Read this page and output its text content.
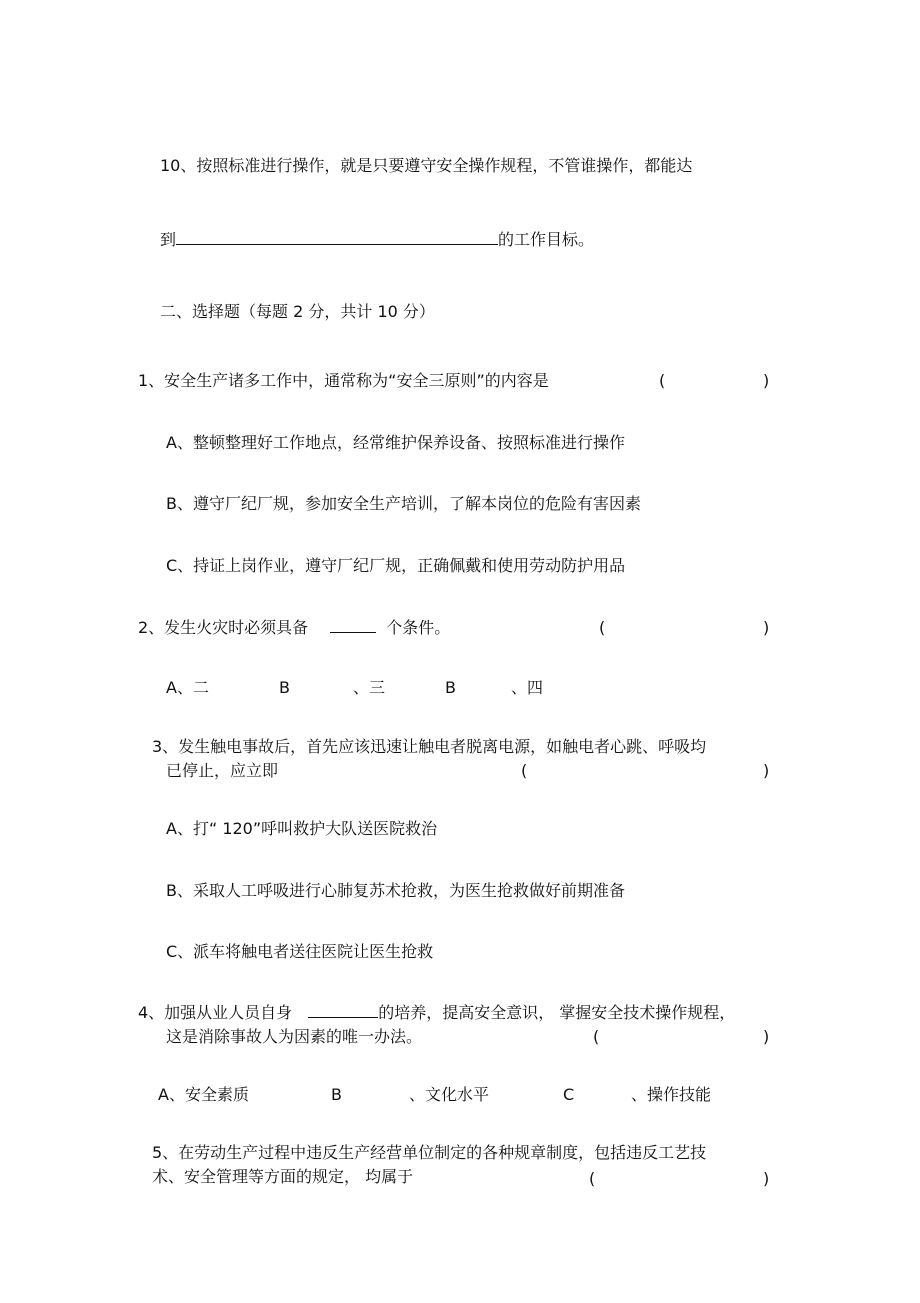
10、按照标准进行操作，就是只要遵守安全操作规程，不管谁操作，都能达
到	的工作目标。
二、选择题（每题 2 分，共计 10 分）
1、安全生产诸多工作中，通常称为“安全三原则”的内容是	(	)
A、整顿整理好工作地点，经常维护保养设备、按照标准进行操作
B、遵守厂纪厂规，参加安全生产培训，了解本岗位的危险有害因素
C、持证上岗作业，遵守厂纪厂规，正确佩戴和使用劳动防护用品
2、发生火灾时必须具备	个条件。	(	)
A、二	B	、三	B	、四
3、发生触电事故后，首先应该迅速让触电者脱离电源，如触电者心跳、呼吸均
已停止，应立即	(	)
A、打“ 120”呼叫救护大队送医院救治
B、采取人工呼吸进行心肺复苏术抢救，为医生抢救做好前期准备
C、派车将触电者送往医院让医生抢救
4、加强从业人员自身	的培养，提高安全意识， 掌握安全技术操作规程，
这是消除事故人为因素的唯一办法。	(	)
A、安全素质	B	、文化水平	C	、操作技能
5、在劳动生产过程中违反生产经营单位制定的各种规章制度，包括违反工艺技
术、安全管理等方面的规定， 均属于	(	)
